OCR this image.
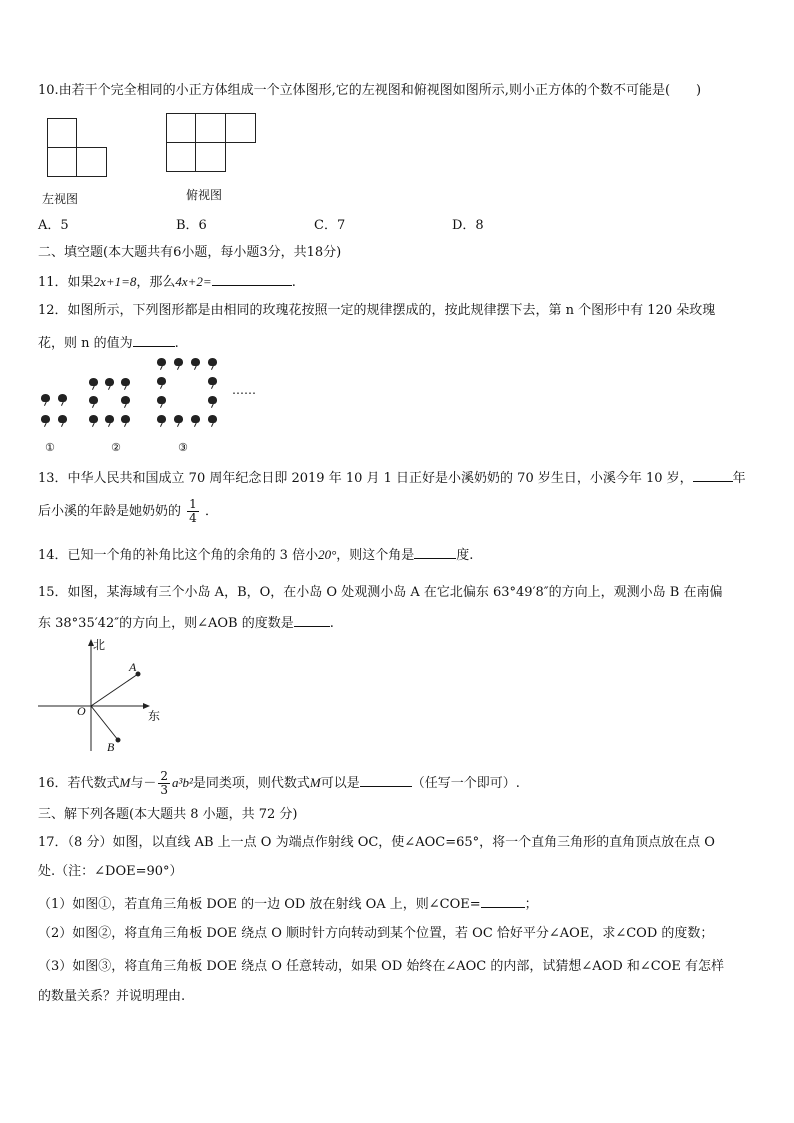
10.由若干个完全相同的小正方体组成一个立体图形,它的左视图和俯视图如图所示,则小正方体的个数不可能是(　　)
左视图	俯视图
A．5	B．6	C．7	D．8
二、填空题(本大题共有6小题，每小题3分，共18分)
11．如果2x+1=8，那么4x+2=	.
12．如图所示，下列图形都是由相同的玫瑰花按照一定的规律摆成的，按此规律摆下去，第 n 个图形中有 120 朵玫瑰
花，则 n 的值为	.
……
①	②	③
13．中华人民共和国成立 70 周年纪念日即 2019 年 10 月 1 日正好是小溪奶奶的 70 岁生日，小溪今年 10 岁，	年
后小溪的年龄是她奶奶的 $\frac{1}{4}$ ．
14．已知一个角的补角比这个角的余角的 3 倍小20°，则这个角是	度.
15．如图，某海域有三个小岛 A，B，O，在小岛 O 处观测小岛 A 在它北偏东 63°49′8″的方向上，观测小岛 B 在南偏
东 38°35′42″的方向上，则∠AOB 的度数是	.
北
东
O
A
B
16．若代数式M与－ $\frac{2}{3} a^3b^2$是同类项，则代数式M可以是	（任写一个即可）.
三、解下列各题(本大题共 8 小题，共 72 分)
17．（8 分）如图，以直线 AB 上一点 O 为端点作射线 OC，使∠AOC=65°，将一个直角三角形的直角顶点放在点 O
处.（注：∠DOE=90°）
（1）如图①，若直角三角板 DOE 的一边 OD 放在射线 OA 上，则∠COE=	；
（2）如图②，将直角三角板 DOE 绕点 O 顺时针方向转动到某个位置，若 OC 恰好平分∠AOE，求∠COD 的度数；
（3）如图③，将直角三角板 DOE 绕点 O 任意转动，如果 OD 始终在∠AOC 的内部，试猜想∠AOD 和∠COE 有怎样
的数量关系？并说明理由.
